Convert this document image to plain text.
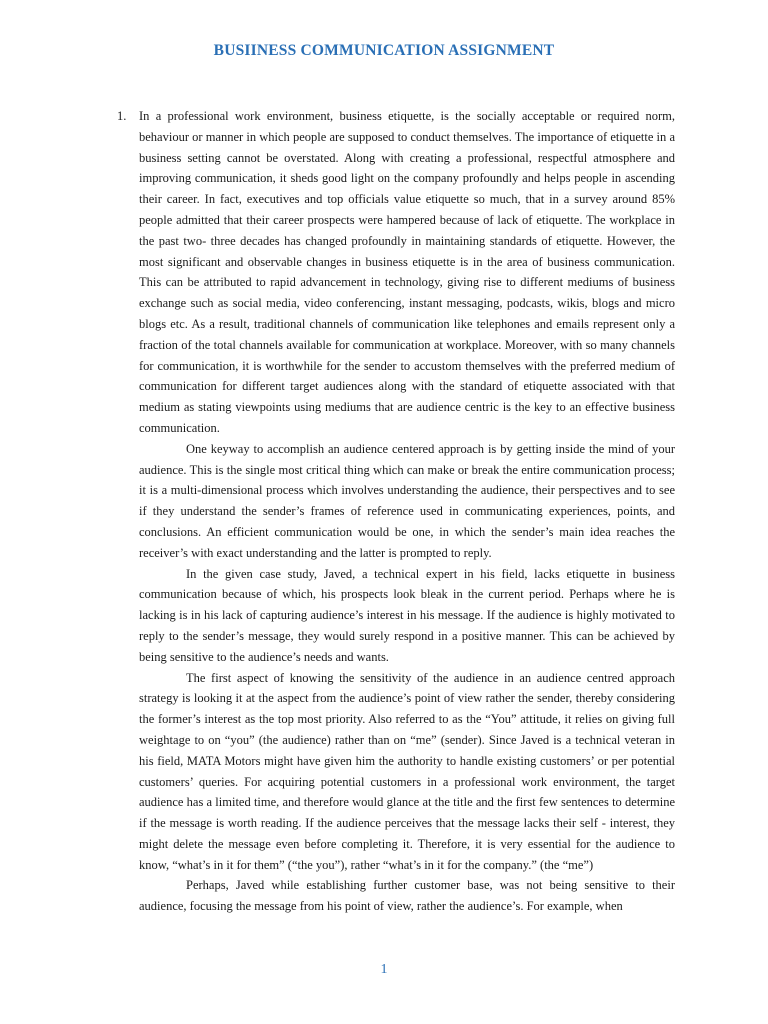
BUSIINESS COMMUNICATION ASSIGNMENT
1. In a professional work environment, business etiquette, is the socially acceptable or required norm, behaviour or manner in which people are supposed to conduct themselves. The importance of etiquette in a business setting cannot be overstated. Along with creating a professional, respectful atmosphere and improving communication, it sheds good light on the company profoundly and helps people in ascending their career. In fact, executives and top officials value etiquette so much, that in a survey around 85% people admitted that their career prospects were hampered because of lack of etiquette. The workplace in the past two- three decades has changed profoundly in maintaining standards of etiquette. However, the most significant and observable changes in business etiquette is in the area of business communication. This can be attributed to rapid advancement in technology, giving rise to different mediums of business exchange such as social media, video conferencing, instant messaging, podcasts, wikis, blogs and micro blogs etc. As a result, traditional channels of communication like telephones and emails represent only a fraction of the total channels available for communication at workplace. Moreover, with so many channels for communication, it is worthwhile for the sender to accustom themselves with the preferred medium of communication for different target audiences along with the standard of etiquette associated with that medium as stating viewpoints using mediums that are audience centric is the key to an effective business communication.

One keyway to accomplish an audience centered approach is by getting inside the mind of your audience. This is the single most critical thing which can make or break the entire communication process; it is a multi-dimensional process which involves understanding the audience, their perspectives and to see if they understand the sender’s frames of reference used in communicating experiences, points, and conclusions. An efficient communication would be one, in which the sender’s main idea reaches the receiver’s with exact understanding and the latter is prompted to reply.

In the given case study, Javed, a technical expert in his field, lacks etiquette in business communication because of which, his prospects look bleak in the current period. Perhaps where he is lacking is in his lack of capturing audience’s interest in his message. If the audience is highly motivated to reply to the sender’s message, they would surely respond in a positive manner. This can be achieved by being sensitive to the audience’s needs and wants.

The first aspect of knowing the sensitivity of the audience in an audience centred approach strategy is looking it at the aspect from the audience’s point of view rather the sender, thereby considering the former’s interest as the top most priority. Also referred to as the “You” attitude, it relies on giving full weightage to on “you” (the audience) rather than on “me” (sender). Since Javed is a technical veteran in his field, MATA Motors might have given him the authority to handle existing customers’ or per potential customers’ queries. For acquiring potential customers in a professional work environment, the target audience has a limited time, and therefore would glance at the title and the first few sentences to determine if the message is worth reading. If the audience perceives that the message lacks their self - interest, they might delete the message even before completing it. Therefore, it is very essential for the audience to know, “what’s in it for them” (“the you”), rather “what’s in it for the company.” (the “me”)

Perhaps, Javed while establishing further customer base, was not being sensitive to their audience, focusing the message from his point of view, rather the audience’s. For example, when

1
